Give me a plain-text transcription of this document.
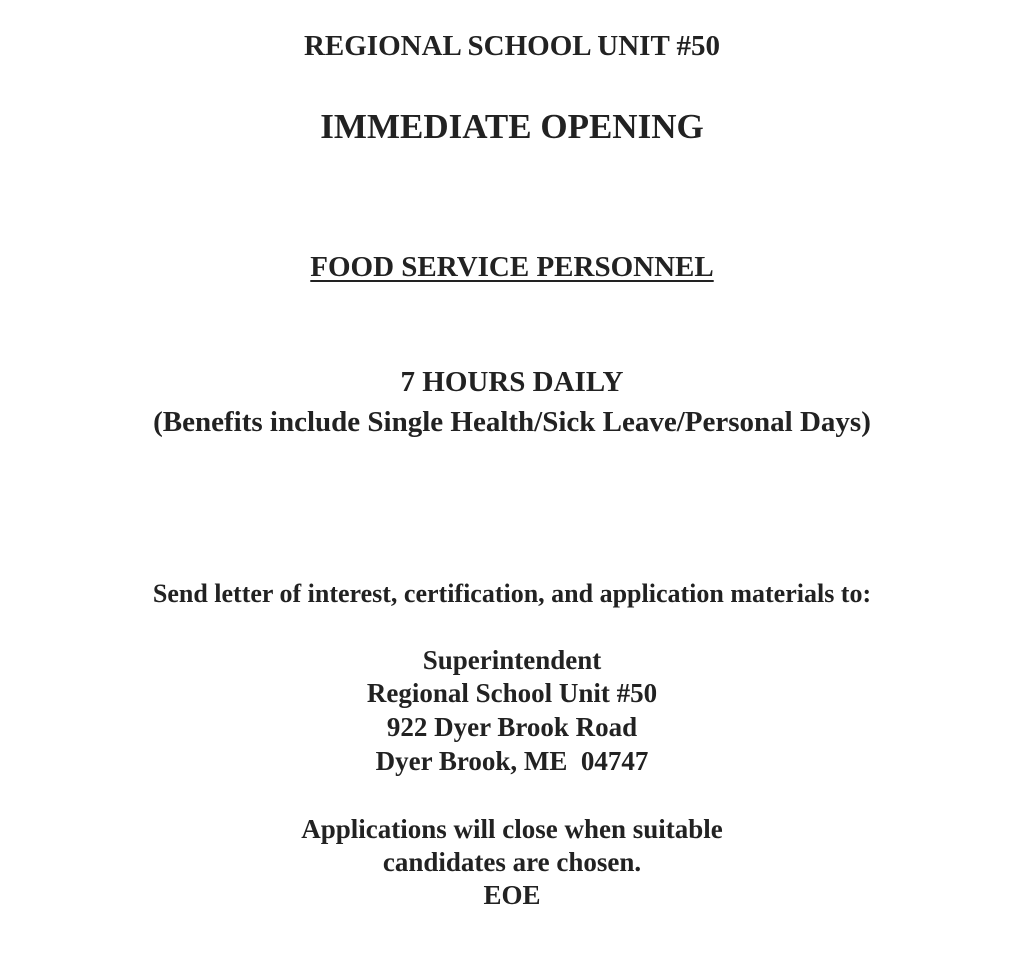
REGIONAL SCHOOL UNIT #50
IMMEDIATE OPENING
FOOD SERVICE PERSONNEL
7 HOURS DAILY
(Benefits include Single Health/Sick Leave/Personal Days)
Send letter of interest, certification, and application materials to:
Superintendent
Regional School Unit #50
922 Dyer Brook Road
Dyer Brook, ME  04747
Applications will close when suitable
candidates are chosen.
EOE
